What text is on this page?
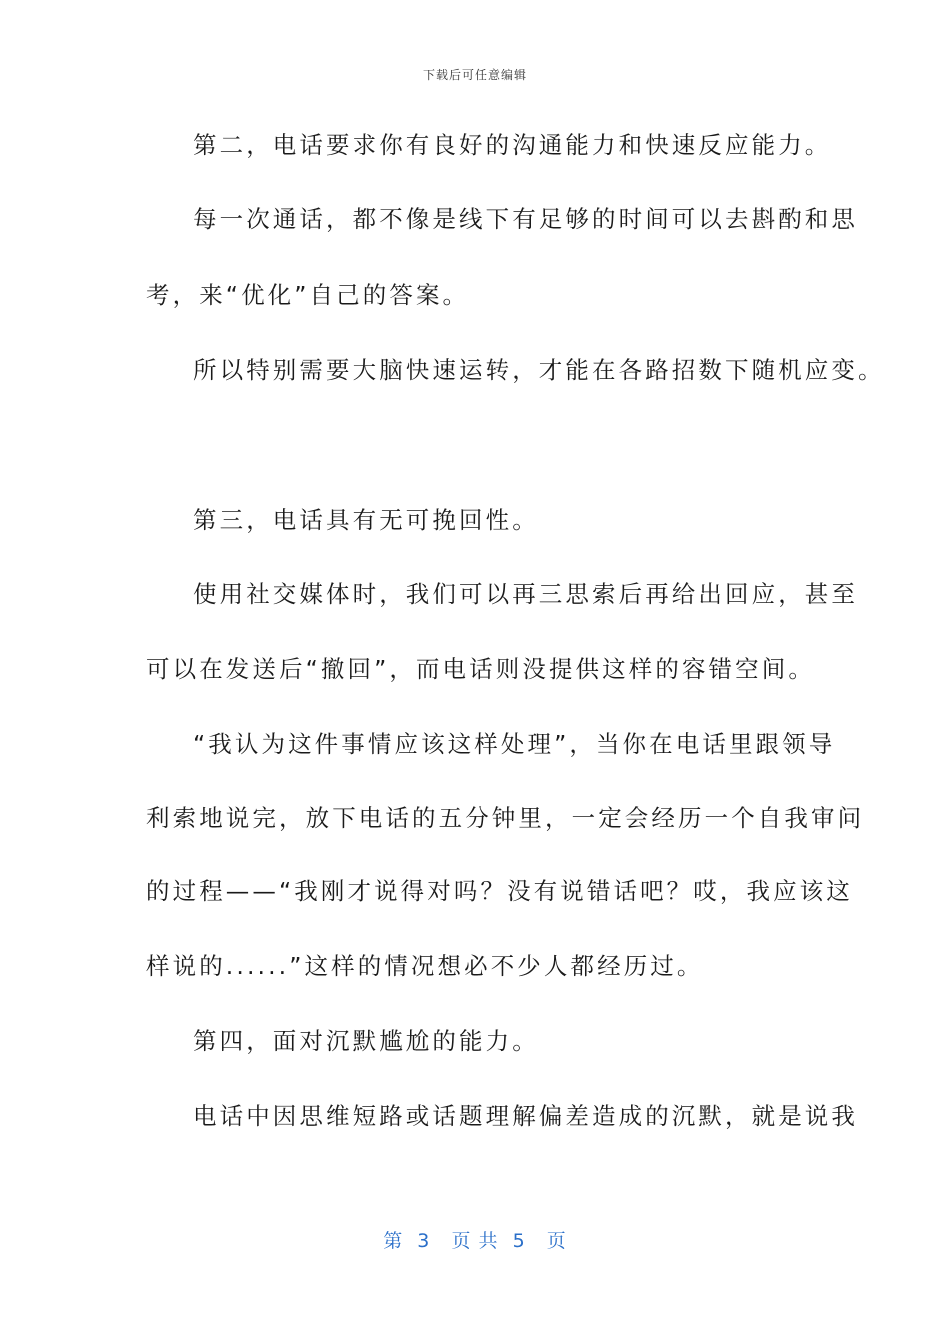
下载后可任意编辑
第二，电话要求你有良好的沟通能力和快速反应能力。
每一次通话，都不像是线下有足够的时间可以去斟酌和思
考，来“优化”自己的答案。
所以特别需要大脑快速运转，才能在各路招数下随机应变。
第三，电话具有无可挽回性。
使用社交媒体时，我们可以再三思索后再给出回应，甚至
可以在发送后“撤回”，而电话则没提供这样的容错空间。
“我认为这件事情应该这样处理”，当你在电话里跟领导
利索地说完，放下电话的五分钟里，一定会经历一个自我审问
的过程——“我刚才说得对吗？没有说错话吧？哎，我应该这
样说的......”这样的情况想必不少人都经历过。
第四，面对沉默尴尬的能力。
电话中因思维短路或话题理解偏差造成的沉默，就是说我
第  3   页 共  5   页
